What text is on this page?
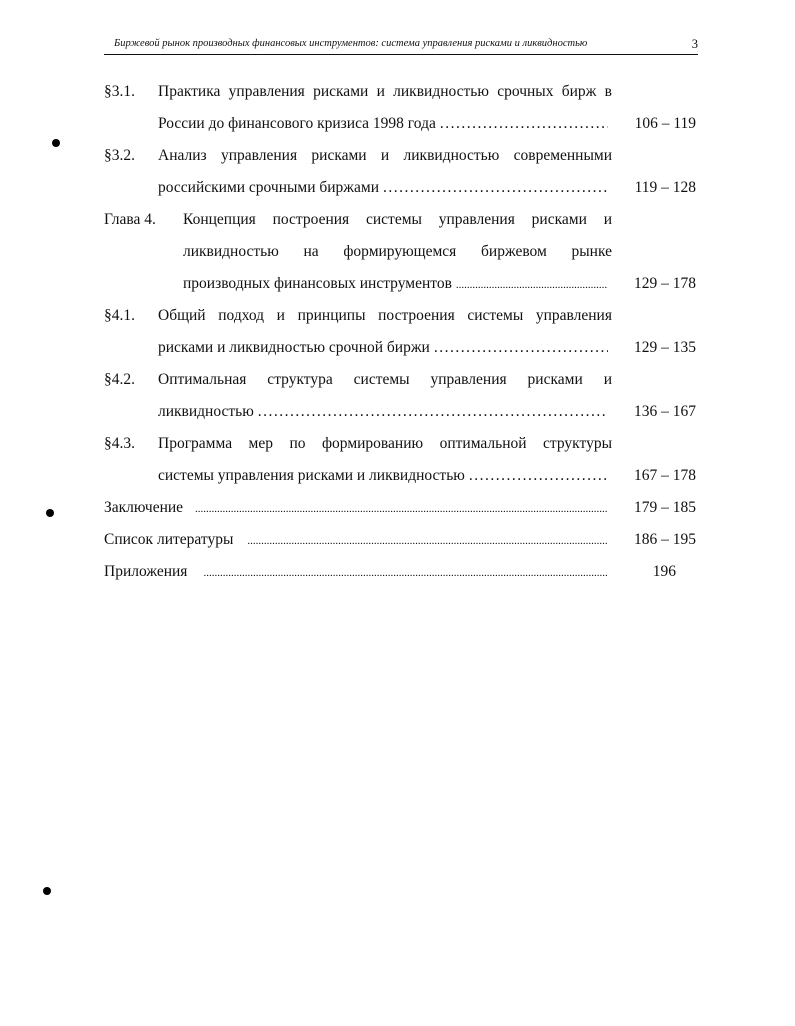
Биржевой рынок производных финансовых инструментов: система управления рисками и ликвидностью	3
§3.1. Практика управления рисками и ликвидностью срочных бирж в
России до финансового кризиса 1998 года .....	106 – 119
§3.2. Анализ управления рисками и ликвидностью современными
российскими срочными биржами .....	119 – 128
Глава 4. Концепция построения системы управления рисками и
ликвидностью на формирующемся биржевом рынке
производных финансовых инструментов .....	129 – 178
§4.1. Общий подход и принципы построения системы управления
рисками и ликвидностью срочной биржи .....	129 – 135
§4.2. Оптимальная структура системы управления рисками и
ликвидностью .....	136 – 167
§4.3. Программа мер по формированию оптимальной структуры
системы управления рисками и ликвидностью .....	167 – 178
Заключение .....	179 – 185
Список литературы .....	186 – 195
Приложения .....	196
